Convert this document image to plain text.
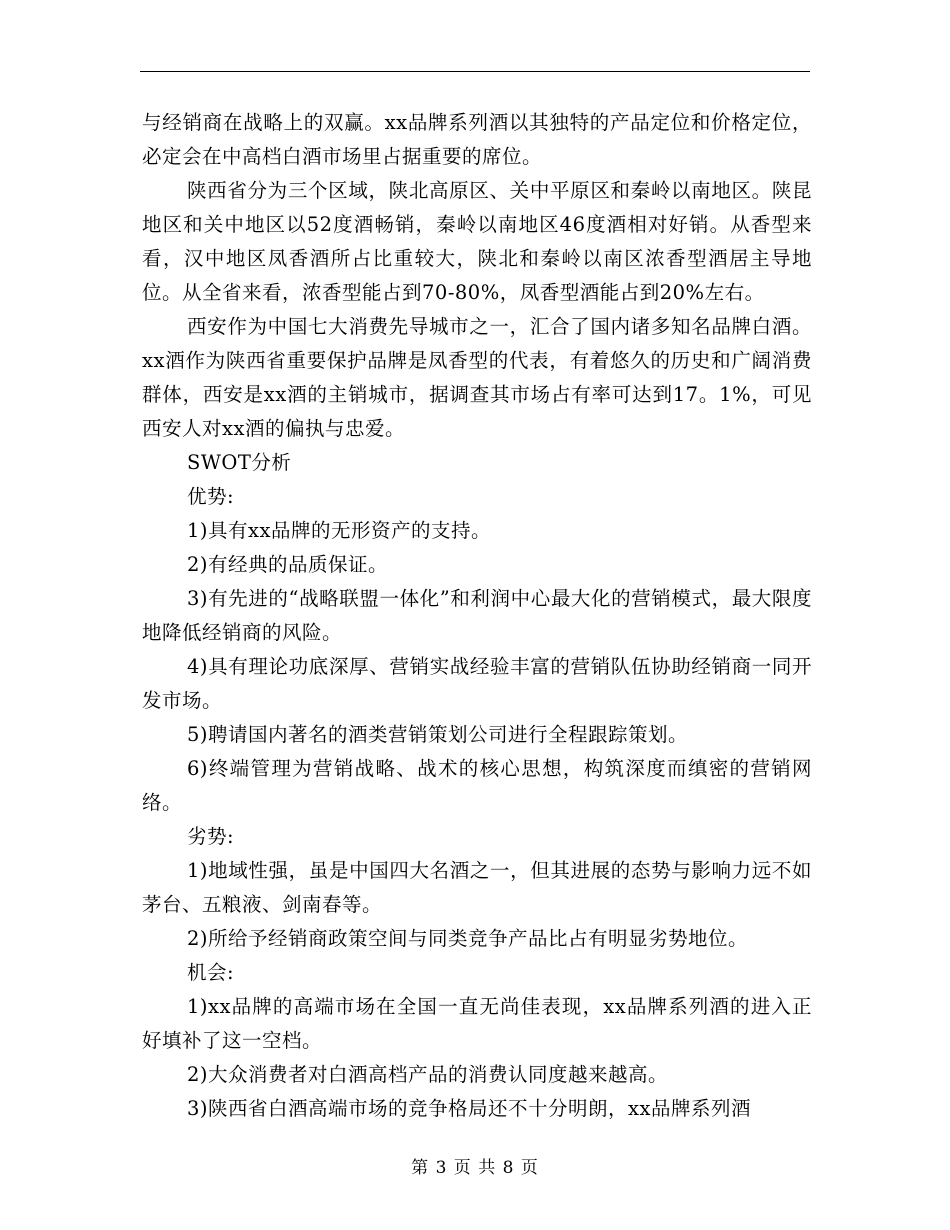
与经销商在战略上的双赢。xx品牌系列酒以其独特的产品定位和价格定位，必定会在中高档白酒市场里占据重要的席位。

陕西省分为三个区域，陕北高原区、关中平原区和秦岭以南地区。陕昆地区和关中地区以52度酒畅销，秦岭以南地区46度酒相对好销。从香型来看，汉中地区凤香酒所占比重较大，陕北和秦岭以南区浓香型酒居主导地位。从全省来看，浓香型能占到70-80%，凤香型酒能占到20%左右。

西安作为中国七大消费先导城市之一，汇合了国内诸多知名品牌白酒。xx酒作为陕西省重要保护品牌是凤香型的代表，有着悠久的历史和广阔消费群体，西安是xx酒的主销城市，据调查其市场占有率可达到17。1%，可见西安人对xx酒的偏执与忠爱。

SWOT分析

优势:

1)具有xx品牌的无形资产的支持。

2)有经典的品质保证。

3)有先进的“战略联盟一体化”和利润中心最大化的营销模式，最大限度地降低经销商的风险。

4)具有理论功底深厚、营销实战经验丰富的营销队伍协助经销商一同开发市场。

5)聘请国内著名的酒类营销策划公司进行全程跟踪策划。

6)终端管理为营销战略、战术的核心思想，构筑深度而缜密的营销网络。

劣势:

1)地域性强，虽是中国四大名酒之一，但其进展的态势与影响力远不如茅台、五粮液、剑南春等。

2)所给予经销商政策空间与同类竞争产品比占有明显劣势地位。

机会:

1)xx品牌的高端市场在全国一直无尚佳表现，xx品牌系列酒的进入正好填补了这一空档。

2)大众消费者对白酒高档产品的消费认同度越来越高。

3)陕西省白酒高端市场的竞争格局还不十分明朗，xx品牌系列酒

第 3 页 共 8 页
